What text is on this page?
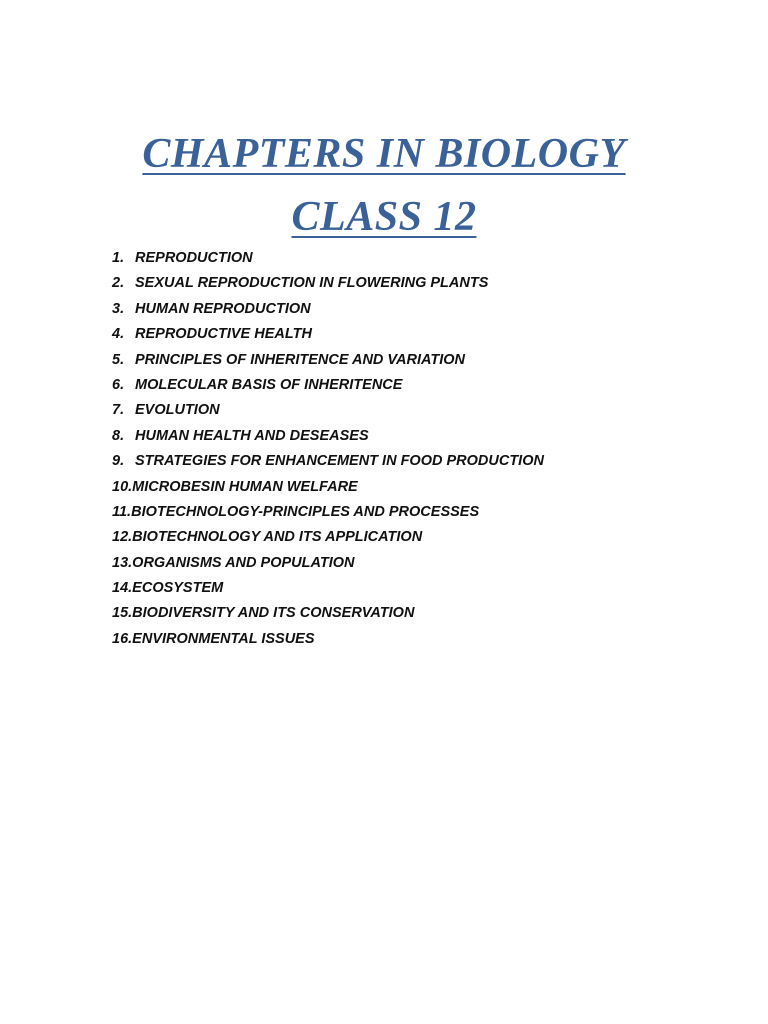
CHAPTERS IN BIOLOGY
CLASS 12
1. REPRODUCTION
2. SEXUAL REPRODUCTION IN FLOWERING PLANTS
3. HUMAN REPRODUCTION
4. REPRODUCTIVE HEALTH
5. PRINCIPLES OF INHERITENCE AND VARIATION
6. MOLECULAR BASIS OF INHERITENCE
7. EVOLUTION
8. HUMAN HEALTH AND DESEASES
9. STRATEGIES FOR ENHANCEMENT IN FOOD PRODUCTION
10. MICROBESIN HUMAN WELFARE
11. BIOTECHNOLOGY-PRINCIPLES AND PROCESSES
12. BIOTECHNOLOGY AND ITS APPLICATION
13. ORGANISMS AND POPULATION
14. ECOSYSTEM
15. BIODIVERSITY AND ITS CONSERVATION
16. ENVIRONMENTAL ISSUES
